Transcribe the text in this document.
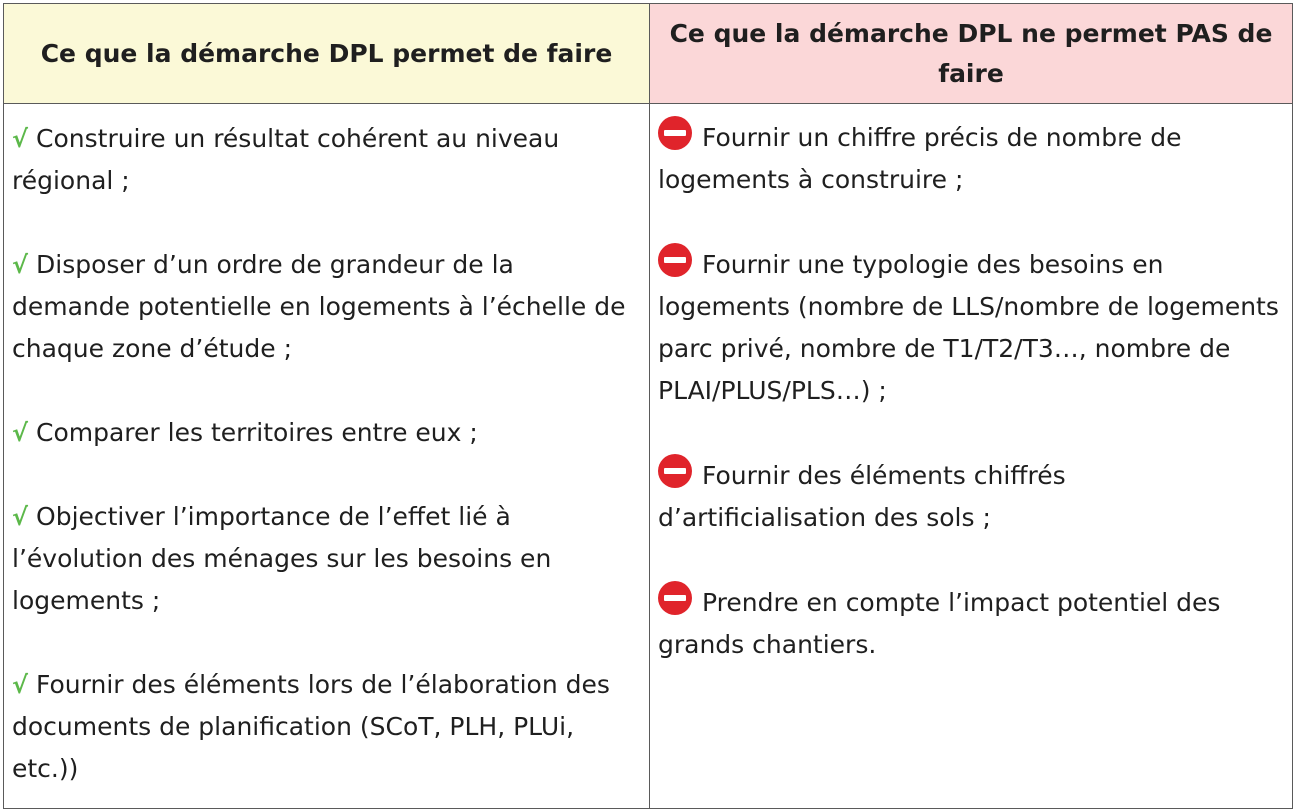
Ce que la démarche DPL permet de faire
Ce que la démarche DPL ne permet PAS de faire
√ Construire un résultat cohérent au niveau régional ;
√ Disposer d’un ordre de grandeur de la demande potentielle en logements à l’échelle de chaque zone d’étude ;
√ Comparer les territoires entre eux ;
√ Objectiver l’importance de l’effet lié à l’évolution des ménages sur les besoins en logements ;
√ Fournir des éléments lors de l’élaboration des documents de planification (SCoT, PLH, PLUi, etc.))
Fournir un chiffre précis de nombre de logements à construire ;
Fournir une typologie des besoins en logements (nombre de LLS/nombre de logements parc privé, nombre de T1/T2/T3…, nombre de PLAI/PLUS/PLS…) ;
Fournir des éléments chiffrés d’artificialisation des sols ;
Prendre en compte l’impact potentiel des grands chantiers.
